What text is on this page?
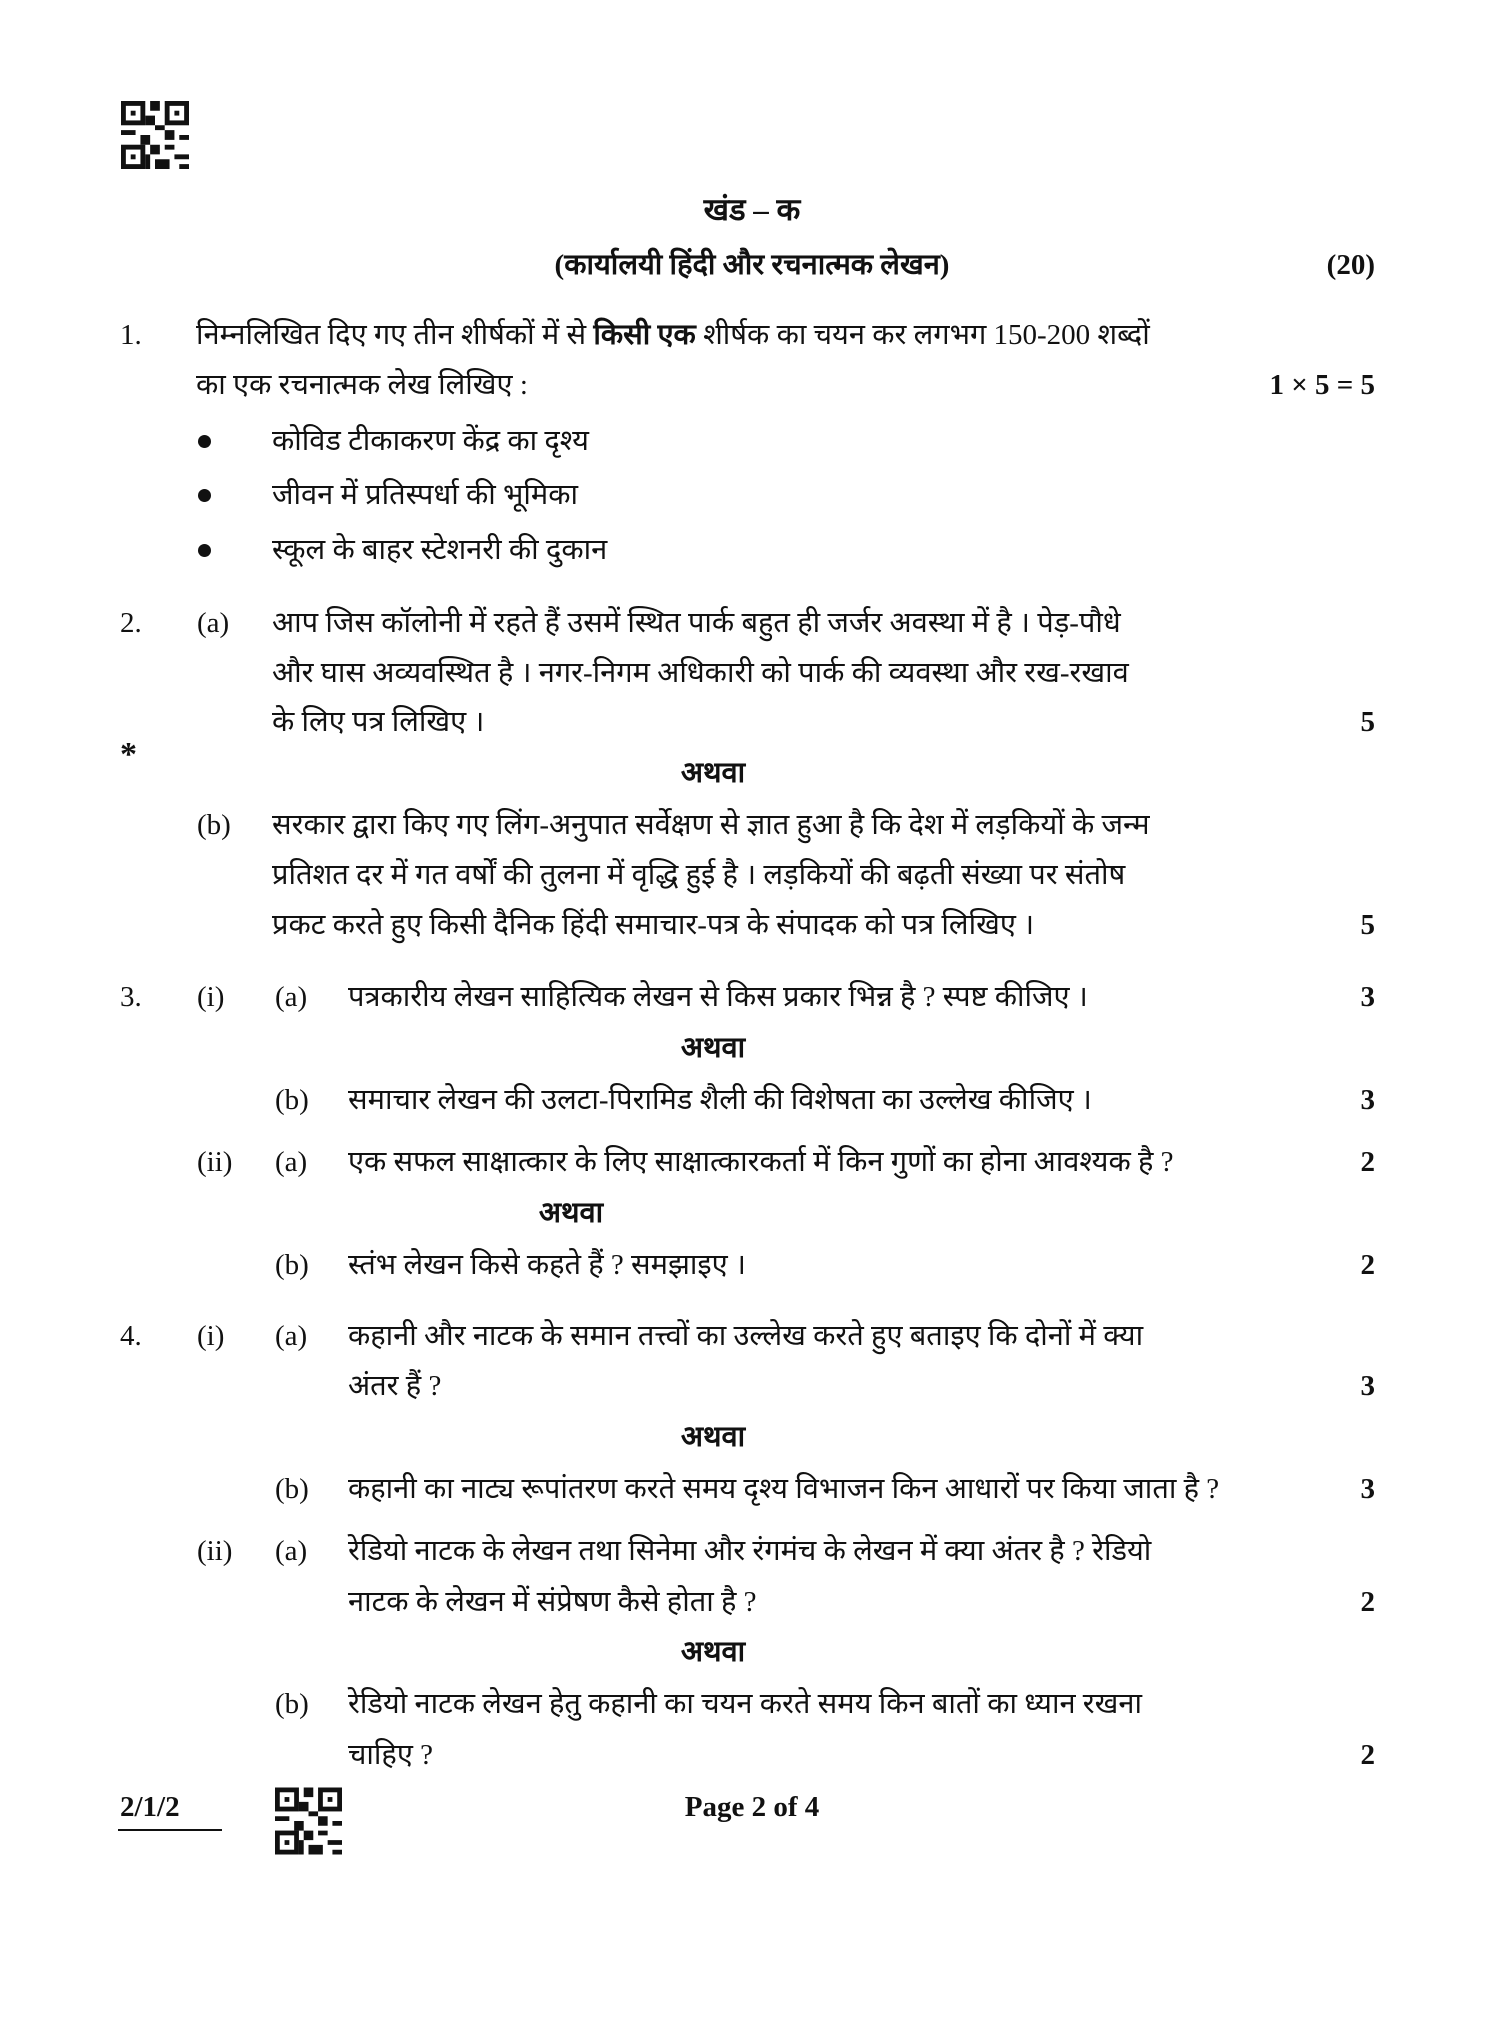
खंड – क
(कार्यालयी हिंदी और रचनात्मक लेखन)	(20)
1. निम्नलिखित दिए गए तीन शीर्षकों में से किसी एक शीर्षक का चयन कर लगभग 150-200 शब्दों
का एक रचनात्मक लेख लिखिए :	1 × 5 = 5
कोविड टीकाकरण केंद्र का दृश्य
जीवन में प्रतिस्पर्धा की भूमिका
स्कूल के बाहर स्टेशनरी की दुकान
2. (a) आप जिस कॉलोनी में रहते हैं उसमें स्थित पार्क बहुत ही जर्जर अवस्था में है । पेड़-पौधे
और घास अव्यवस्थित है । नगर-निगम अधिकारी को पार्क की व्यवस्था और रख-रखाव
के लिए पत्र लिखिए ।	5
*	अथवा
(b) सरकार द्वारा किए गए लिंग-अनुपात सर्वेक्षण से ज्ञात हुआ है कि देश में लड़कियों के जन्म
प्रतिशत दर में गत वर्षों की तुलना में वृद्धि हुई है । लड़कियों की बढ़ती संख्या पर संतोष
प्रकट करते हुए किसी दैनिक हिंदी समाचार-पत्र के संपादक को पत्र लिखिए ।	5
3. (i) (a) पत्रकारीय लेखन साहित्यिक लेखन से किस प्रकार भिन्न है ? स्पष्ट कीजिए ।	3
अथवा
(b) समाचार लेखन की उलटा-पिरामिड शैली की विशेषता का उल्लेख कीजिए ।	3
(ii) (a) एक सफल साक्षात्कार के लिए साक्षात्कारकर्ता में किन गुणों का होना आवश्यक है ?	2
अथवा
(b) स्तंभ लेखन किसे कहते हैं ? समझाइए ।	2
4. (i) (a) कहानी और नाटक के समान तत्त्वों का उल्लेख करते हुए बताइए कि दोनों में क्या
अंतर हैं ?	3
अथवा
(b) कहानी का नाट्य रूपांतरण करते समय दृश्य विभाजन किन आधारों पर किया जाता है ?	3
(ii) (a) रेडियो नाटक के लेखन तथा सिनेमा और रंगमंच के लेखन में क्या अंतर है ? रेडियो
नाटक के लेखन में संप्रेषण कैसे होता है ?	2
अथवा
(b) रेडियो नाटक लेखन हेतु कहानी का चयन करते समय किन बातों का ध्यान रखना
चाहिए ?	2
2/1/2	Page 2 of 4
